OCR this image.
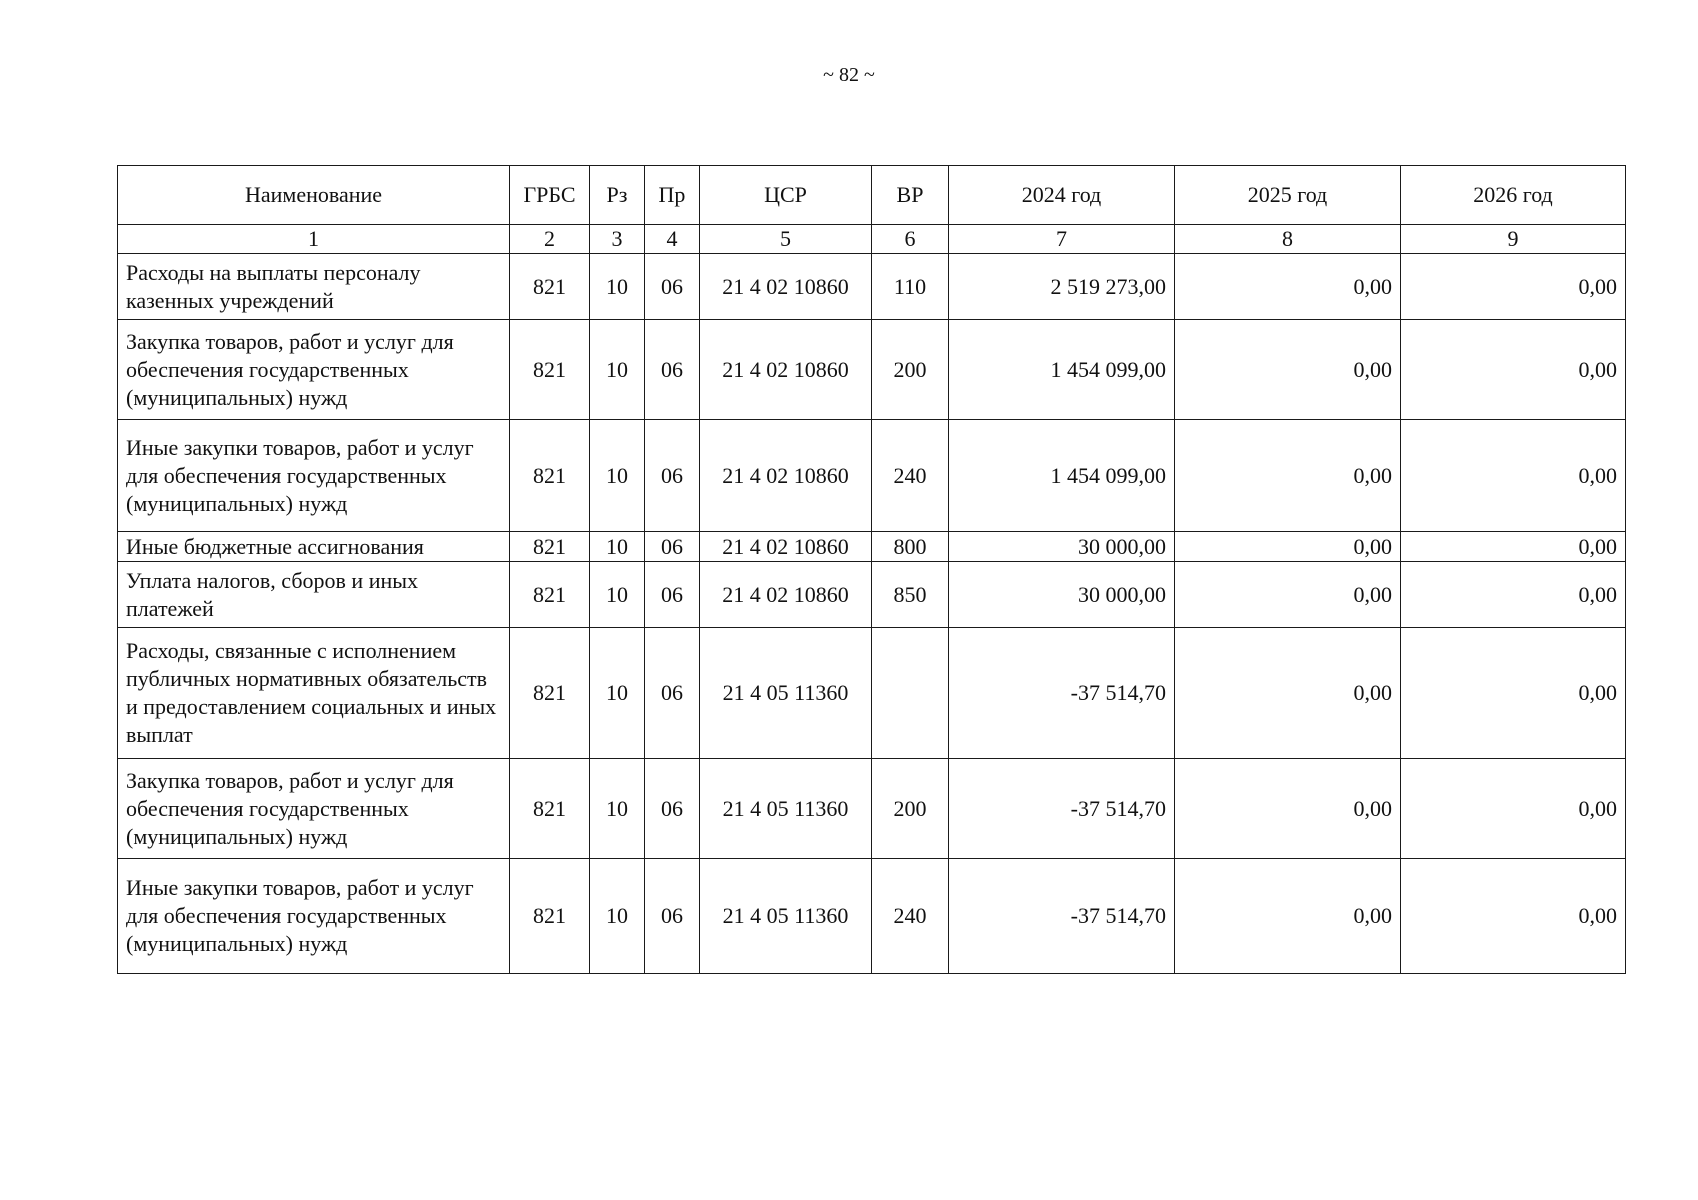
~ 82 ~
Наименование	ГРБС	Рз	Пр	ЦСР	ВР	2024 год	2025 год	2026 год
1	2	3	4	5	6	7	8	9
Расходы на выплаты персоналу казенных учреждений	821	10	06	21 4 02 10860	110	2 519 273,00	0,00	0,00
Закупка товаров, работ и услуг для обеспечения государственных (муниципальных) нужд	821	10	06	21 4 02 10860	200	1 454 099,00	0,00	0,00
Иные закупки товаров, работ и услуг для обеспечения государственных (муниципальных) нужд	821	10	06	21 4 02 10860	240	1 454 099,00	0,00	0,00
Иные бюджетные ассигнования	821	10	06	21 4 02 10860	800	30 000,00	0,00	0,00
Уплата налогов, сборов и иных платежей	821	10	06	21 4 02 10860	850	30 000,00	0,00	0,00
Расходы, связанные с исполнением публичных нормативных обязательств и предоставлением социальных и иных выплат	821	10	06	21 4 05 11360		-37 514,70	0,00	0,00
Закупка товаров, работ и услуг для обеспечения государственных (муниципальных) нужд	821	10	06	21 4 05 11360	200	-37 514,70	0,00	0,00
Иные закупки товаров, работ и услуг для обеспечения государственных (муниципальных) нужд	821	10	06	21 4 05 11360	240	-37 514,70	0,00	0,00
